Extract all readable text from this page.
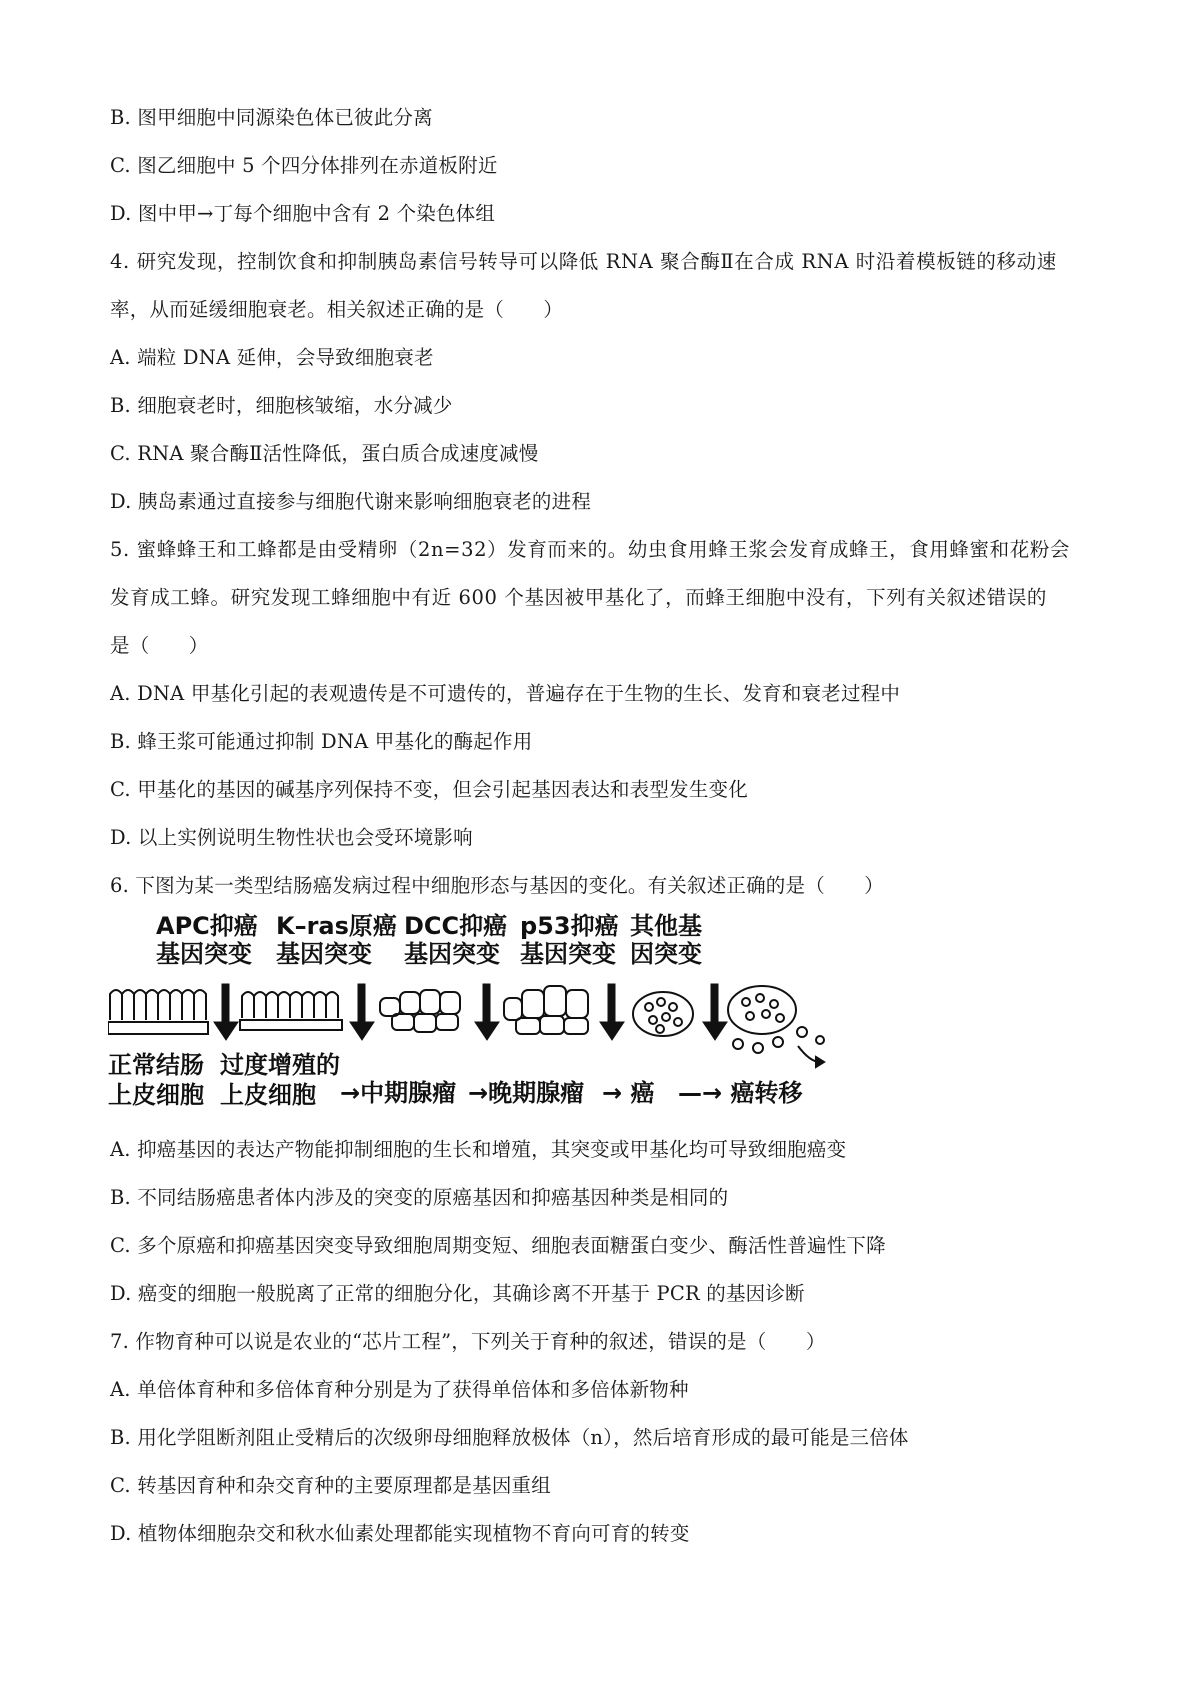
B. 图甲细胞中同源染色体已彼此分离
C. 图乙细胞中 5 个四分体排列在赤道板附近
D. 图中甲→丁每个细胞中含有 2 个染色体组
4. 研究发现，控制饮食和抑制胰岛素信号转导可以降低 RNA 聚合酶Ⅱ在合成 RNA 时沿着模板链的移动速
率，从而延缓细胞衰老。相关叙述正确的是（　　）
A. 端粒 DNA 延伸，会导致细胞衰老
B. 细胞衰老时，细胞核皱缩，水分减少
C. RNA 聚合酶Ⅱ活性降低，蛋白质合成速度减慢
D. 胰岛素通过直接参与细胞代谢来影响细胞衰老的进程
5. 蜜蜂蜂王和工蜂都是由受精卵（2n=32）发育而来的。幼虫食用蜂王浆会发育成蜂王，食用蜂蜜和花粉会
发育成工蜂。研究发现工蜂细胞中有近 600 个基因被甲基化了，而蜂王细胞中没有，下列有关叙述错误的
是（　　）
A. DNA 甲基化引起的表观遗传是不可遗传的，普遍存在于生物的生长、发育和衰老过程中
B. 蜂王浆可能通过抑制 DNA 甲基化的酶起作用
C. 甲基化的基因的碱基序列保持不变，但会引起基因表达和表型发生变化
D. 以上实例说明生物性状也会受环境影响
6. 下图为某一类型结肠癌发病过程中细胞形态与基因的变化。有关叙述正确的是（　　）
APC抑癌
基因突变
K–ras原癌
基因突变
DCC抑癌
基因突变
p53抑癌
基因突变
其他基
因突变
正常结肠
上皮细胞
过度增殖的
上皮细胞	→中期腺瘤 →晚期腺瘤 → 癌 —→ 癌转移
A. 抑癌基因的表达产物能抑制细胞的生长和增殖，其突变或甲基化均可导致细胞癌变
B. 不同结肠癌患者体内涉及的突变的原癌基因和抑癌基因种类是相同的
C. 多个原癌和抑癌基因突变导致细胞周期变短、细胞表面糖蛋白变少、酶活性普遍性下降
D. 癌变的细胞一般脱离了正常的细胞分化，其确诊离不开基于 PCR 的基因诊断
7. 作物育种可以说是农业的“芯片工程”，下列关于育种的叙述，错误的是（　　）
A. 单倍体育种和多倍体育种分别是为了获得单倍体和多倍体新物种
B. 用化学阻断剂阻止受精后的次级卵母细胞释放极体（n），然后培育形成的最可能是三倍体
C. 转基因育种和杂交育种的主要原理都是基因重组
D. 植物体细胞杂交和秋水仙素处理都能实现植物不育向可育的转变
